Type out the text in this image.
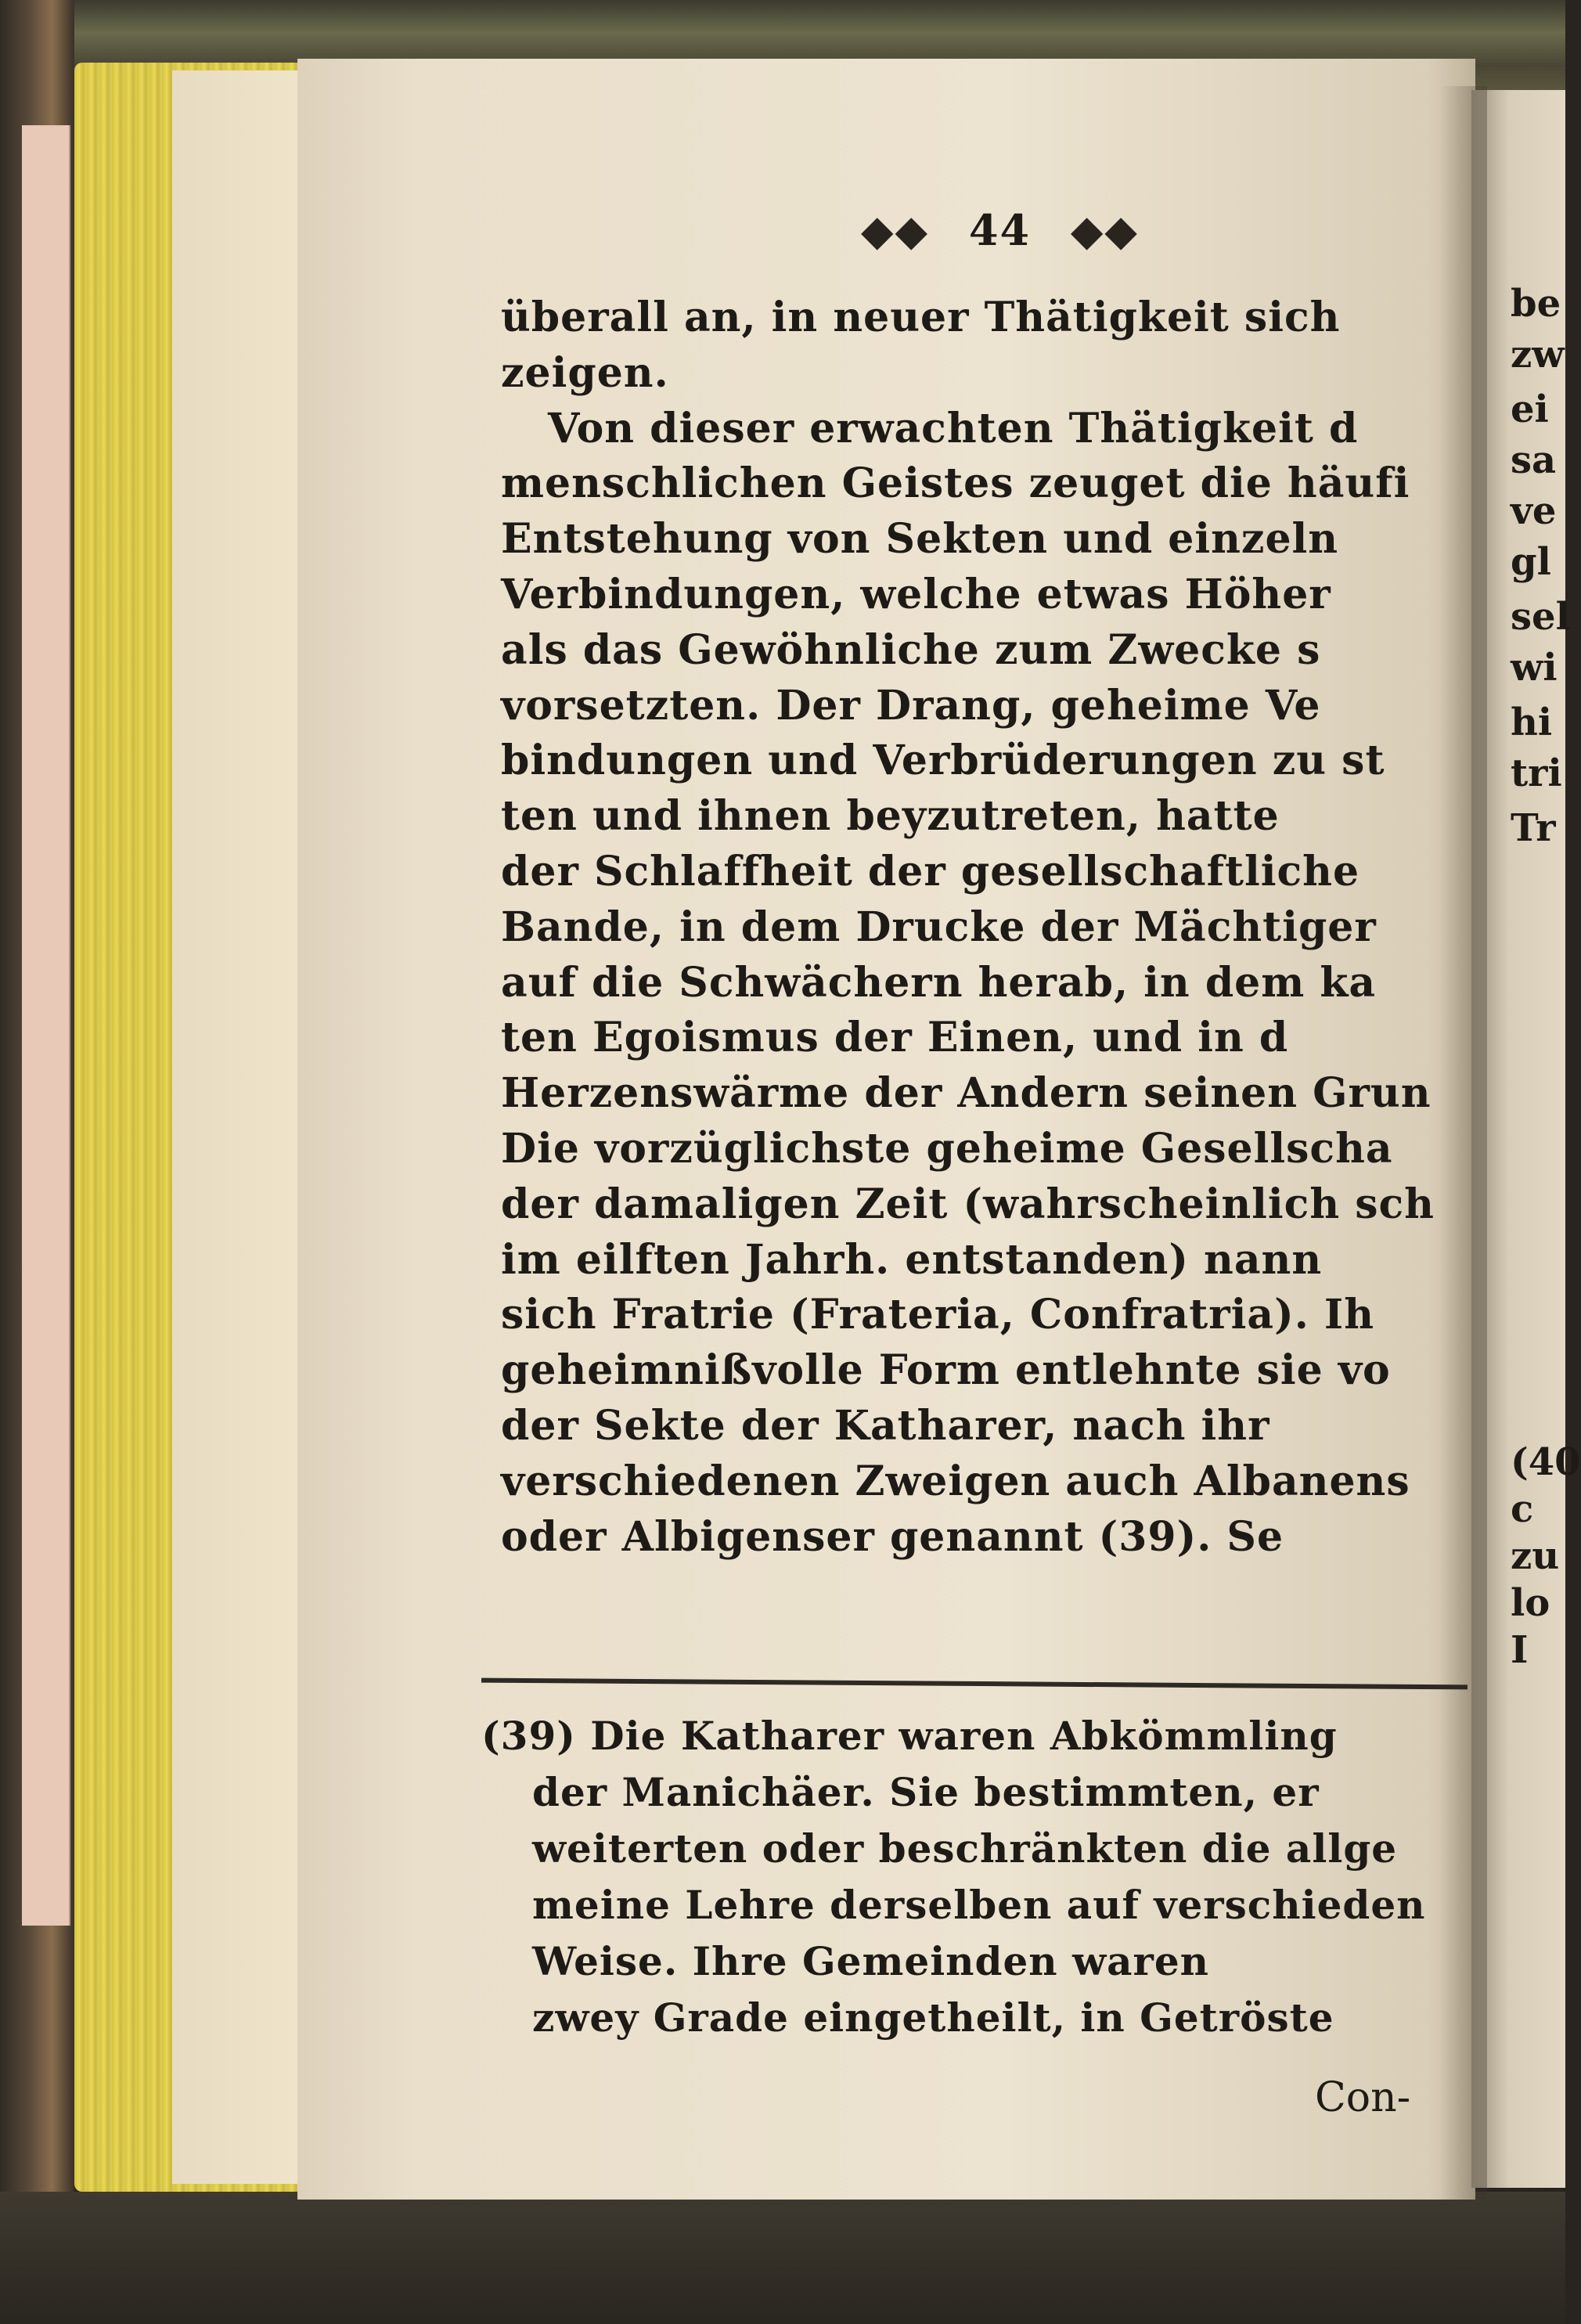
◆◆ 44 ◆◆
überall an, in neuer Thätigkeit sich
zeigen.
Von dieser erwachten Thätigkeit d
menschlichen Geistes zeuget die häufi
Entstehung von Sekten und einzeln
Verbindungen, welche etwas Höher
als das Gewöhnliche zum Zwecke s
vorsetzten. Der Drang, geheime Ve
bindungen und Verbrüderungen zu st
ten und ihnen beyzutreten, hatte
der Schlaffheit der gesellschaftliche
Bande, in dem Drucke der Mächtiger
auf die Schwächern herab, in dem ka
ten Egoismus der Einen, und in d
Herzenswärme der Andern seinen Grun
Die vorzüglichste geheime Gesellscha
der damaligen Zeit (wahrscheinlich sch
im eilften Jahrh. entstanden) nann
sich Fratrie (Frateria, Confratria). Ih
geheimnißvolle Form entlehnte sie vo
der Sekte der Katharer, nach ihr
verschiedenen Zweigen auch Albanens
oder Albigenser genannt (39). Se
(39) Die Katharer waren Abkömmling
der Manichäer. Sie bestimmten, er
weiterten oder beschränkten die allge
meine Lehre derselben auf verschieden
Weise. Ihre Gemeinden waren
zwey Grade eingetheilt, in Getröste
Con-
be
zw
ei
sa
ve
gl
sel
wi
hi
tri
Tr
(40
c
zu
lo
I
